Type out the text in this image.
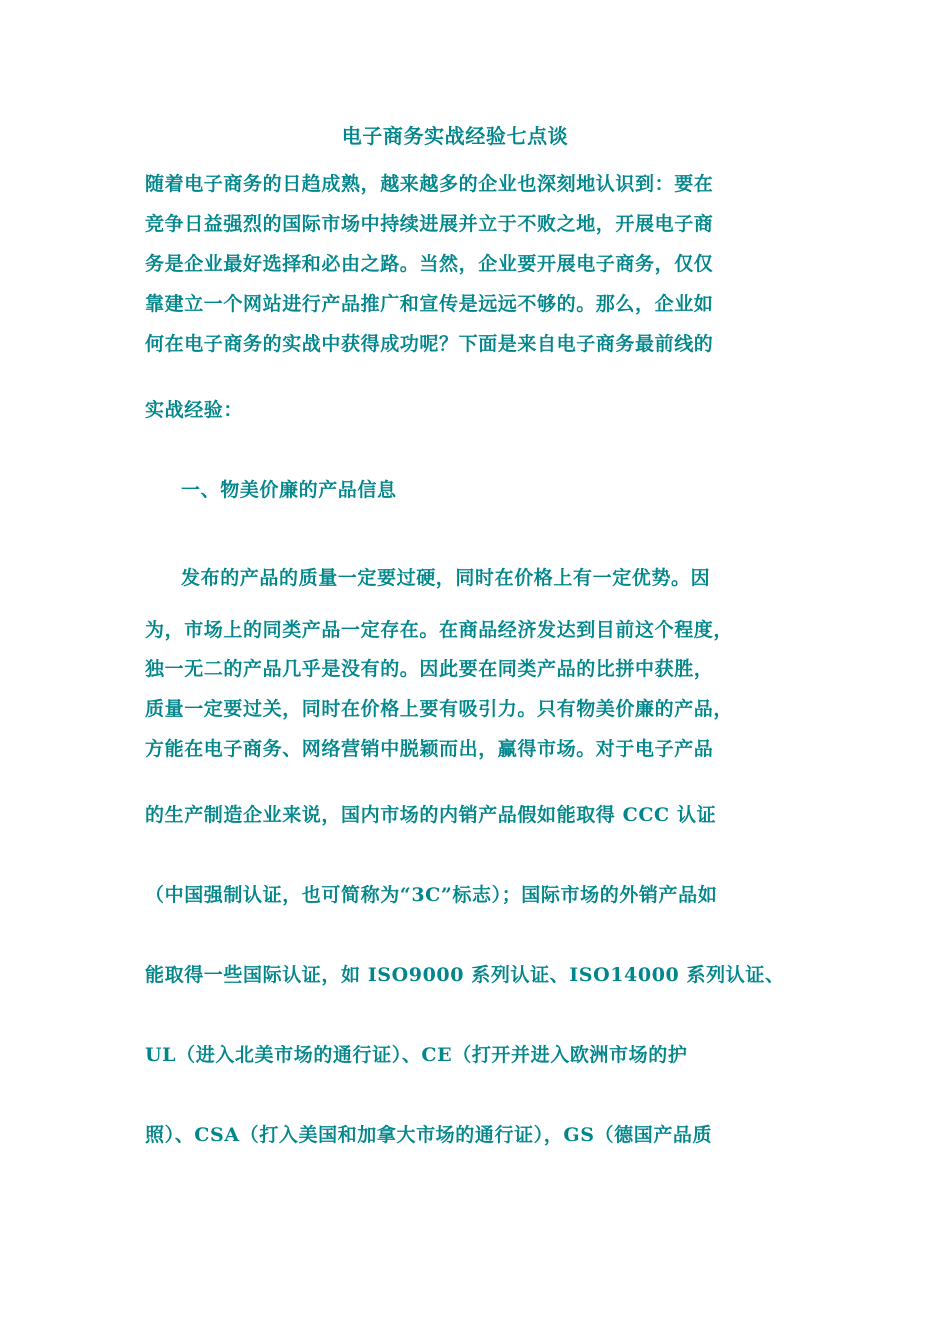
电子商务实战经验七点谈
随着电子商务的日趋成熟，越来越多的企业也深刻地认识到：要在
竞争日益强烈的国际市场中持续进展并立于不败之地，开展电子商
务是企业最好选择和必由之路。当然，企业要开展电子商务，仅仅
靠建立一个网站进行产品推广和宣传是远远不够的。那么，企业如
何在电子商务的实战中获得成功呢？下面是来自电子商务最前线的
实战经验：
一、物美价廉的产品信息
发布的产品的质量一定要过硬，同时在价格上有一定优势。因
为，市场上的同类产品一定存在。在商品经济发达到目前这个程度，
独一无二的产品几乎是没有的。因此要在同类产品的比拼中获胜，
质量一定要过关，同时在价格上要有吸引力。只有物美价廉的产品，
方能在电子商务、网络营销中脱颖而出，赢得市场。对于电子产品
的生产制造企业来说，国内市场的内销产品假如能取得 CCC 认证
（中国强制认证，也可简称为“3C”标志）；国际市场的外销产品如
能取得一些国际认证，如 ISO9000 系列认证、ISO14000 系列认证、
UL（进入北美市场的通行证）、CE（打开并进入欧洲市场的护
照）、CSA（打入美国和加拿大市场的通行证），GS（德国产品质
